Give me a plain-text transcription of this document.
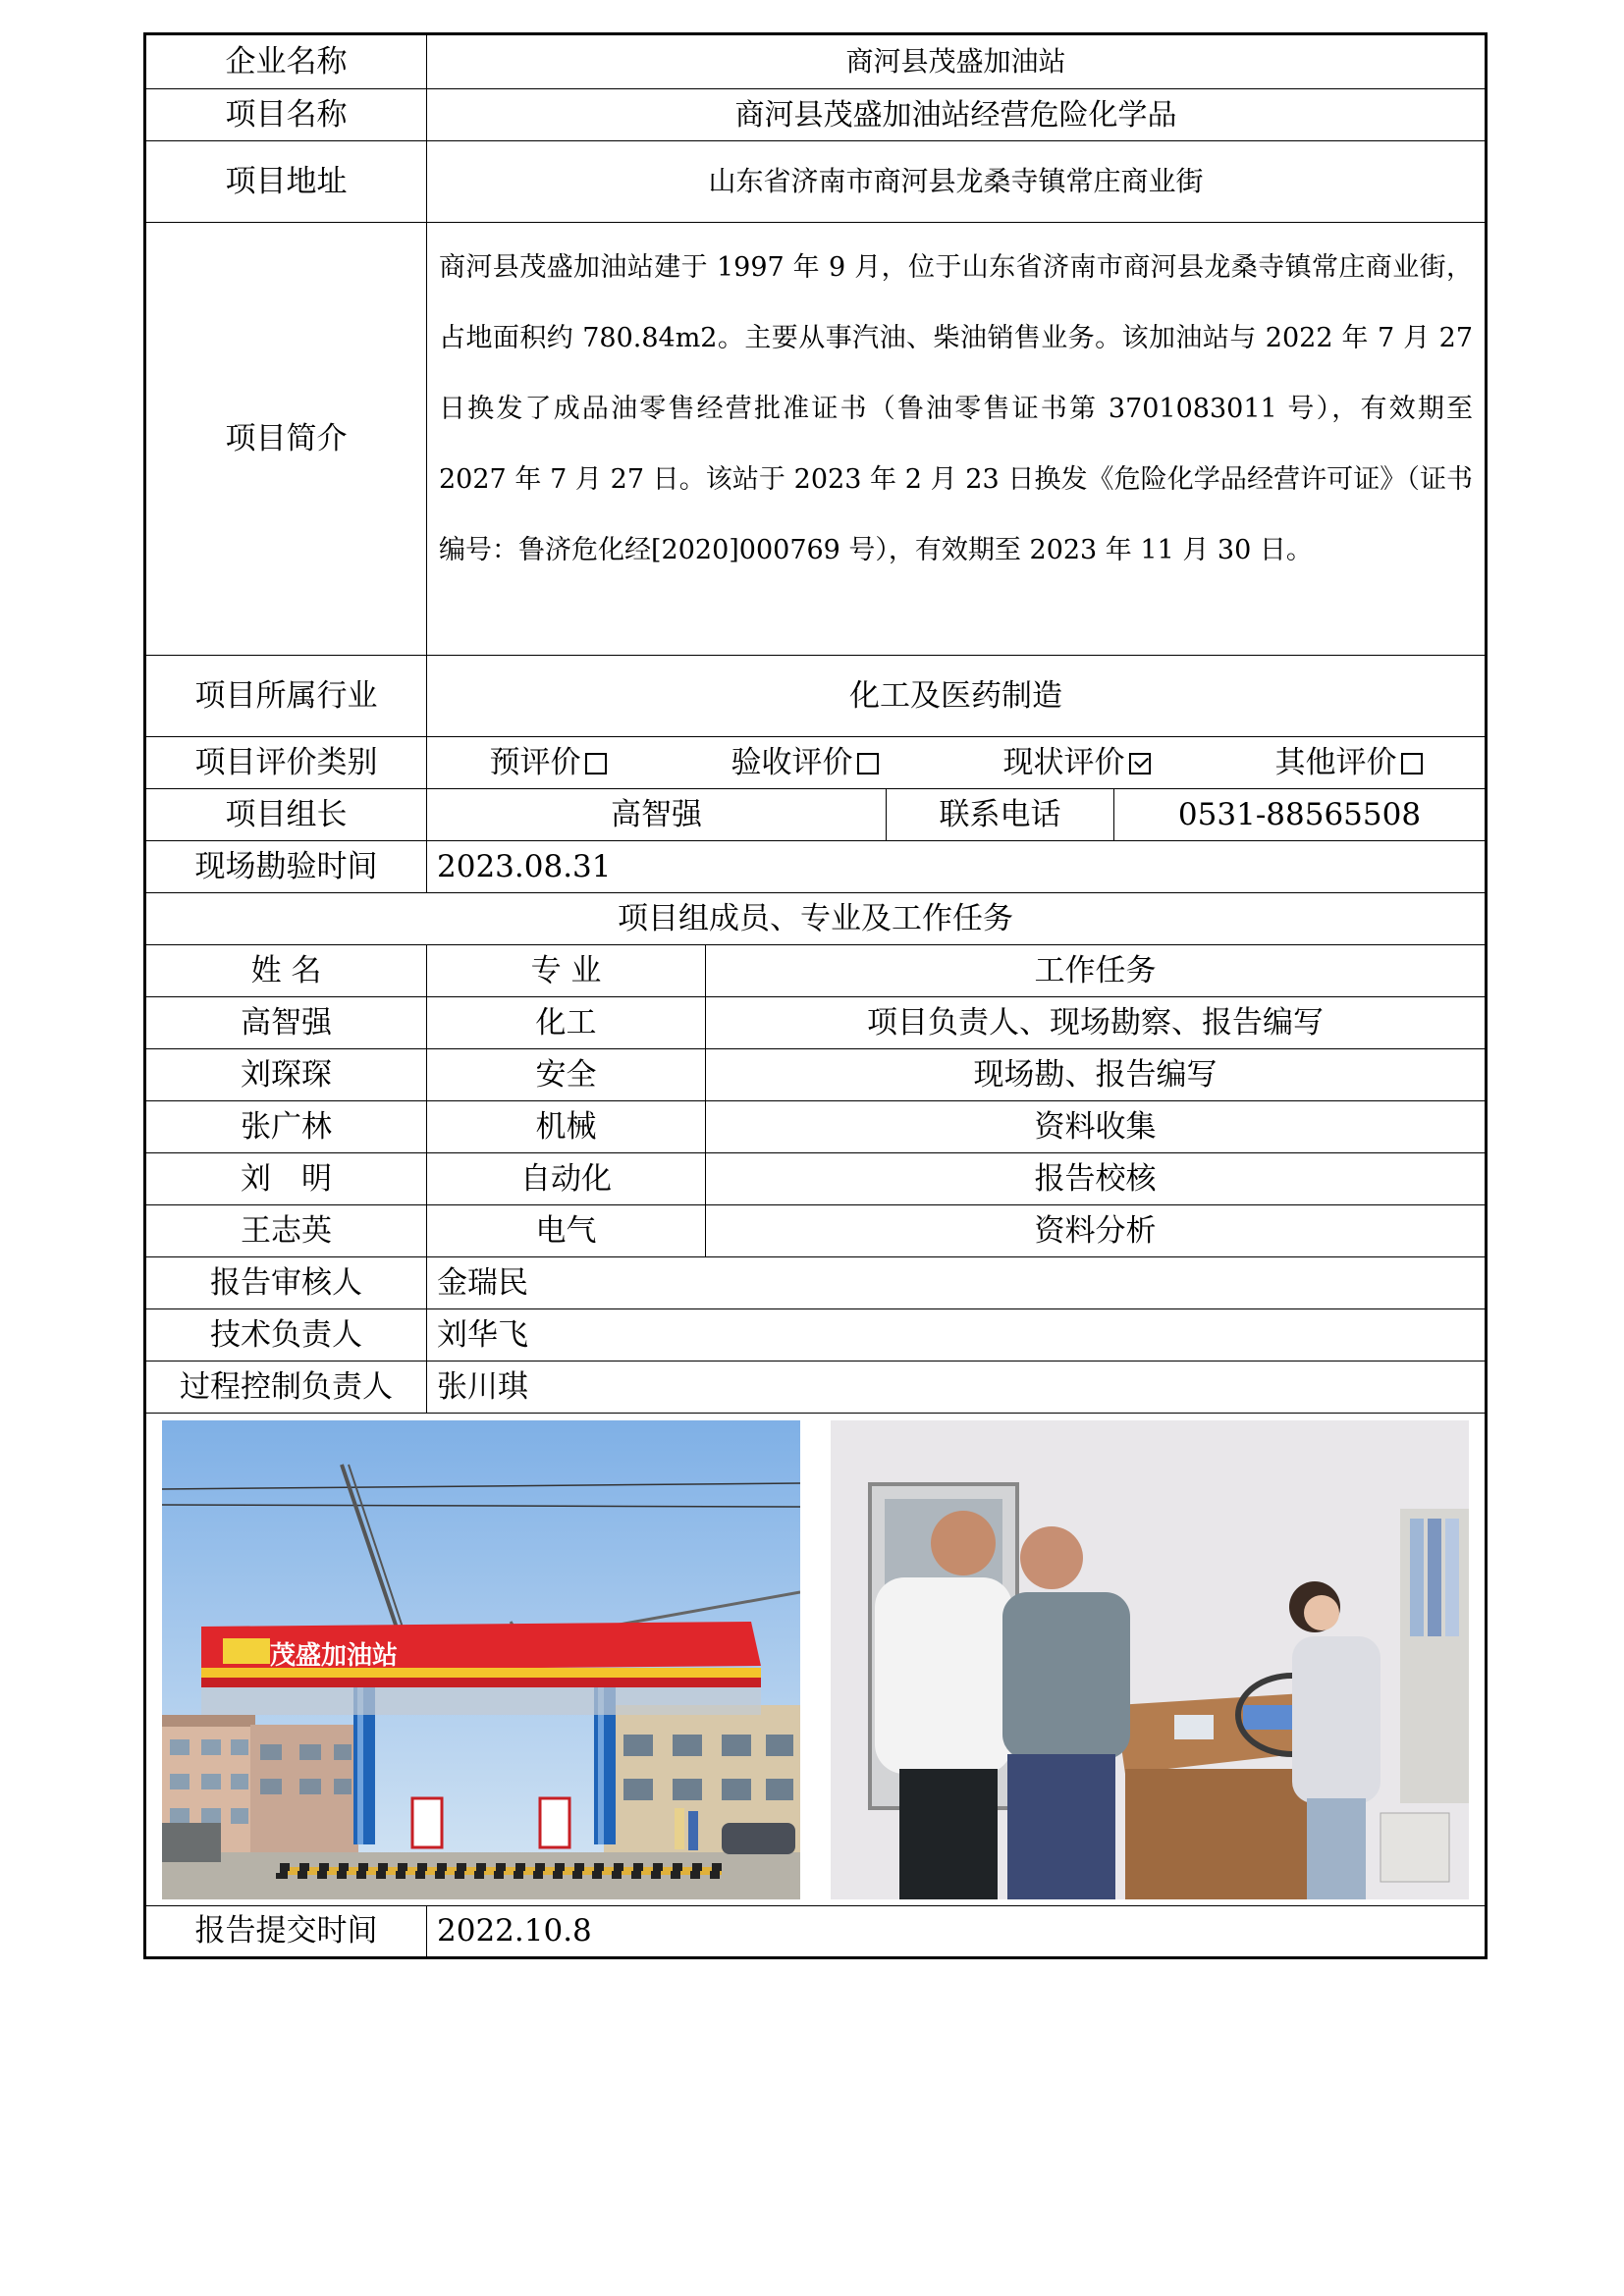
企业名称	商河县茂盛加油站			
项目名称	商河县茂盛加油站经营危险化学品			
项目地址	山东省济南市商河县龙桑寺镇常庄商业街			
项目简介	商河县茂盛加油站建于 1997 年 9 月，位于山东省济南市商河县龙桑寺镇常庄商业街，占地面积约 780.84m2。主要从事汽油、柴油销售业务。该加油站与 2022 年 7 月 27 日换发了成品油零售经营批准证书（鲁油零售证书第 3701083011 号），有效期至 2027 年 7 月 27 日。该站于 2023 年 2 月 23 日换发《危险化学品经营许可证》（证书编号：鲁济危化经[2020]000769 号），有效期至 2023 年 11 月 30 日。			

项目所属行业	化工及医药制造			
项目评价类别	预评价 验收评价 现状评价 其他评价			

项目组长	高智强		联系电话	0531-88565508
现场勘验时间	2023.08.31			
项目组成员、专业及工作任务				
姓 名	专 业	工作任务		
高智强	化工	项目负责人、现场勘察、报告编写		
刘琛琛	安全	现场勘、报告编写		
张广林	机械	资料收集		
刘　明	自动化	报告校核		
王志英	电气	资料分析		
报告审核人	金瑞民			
技术负责人	刘华飞			
过程控制负责人	张川琪			

茂盛加油站				

报告提交时间	2022.10.8			
